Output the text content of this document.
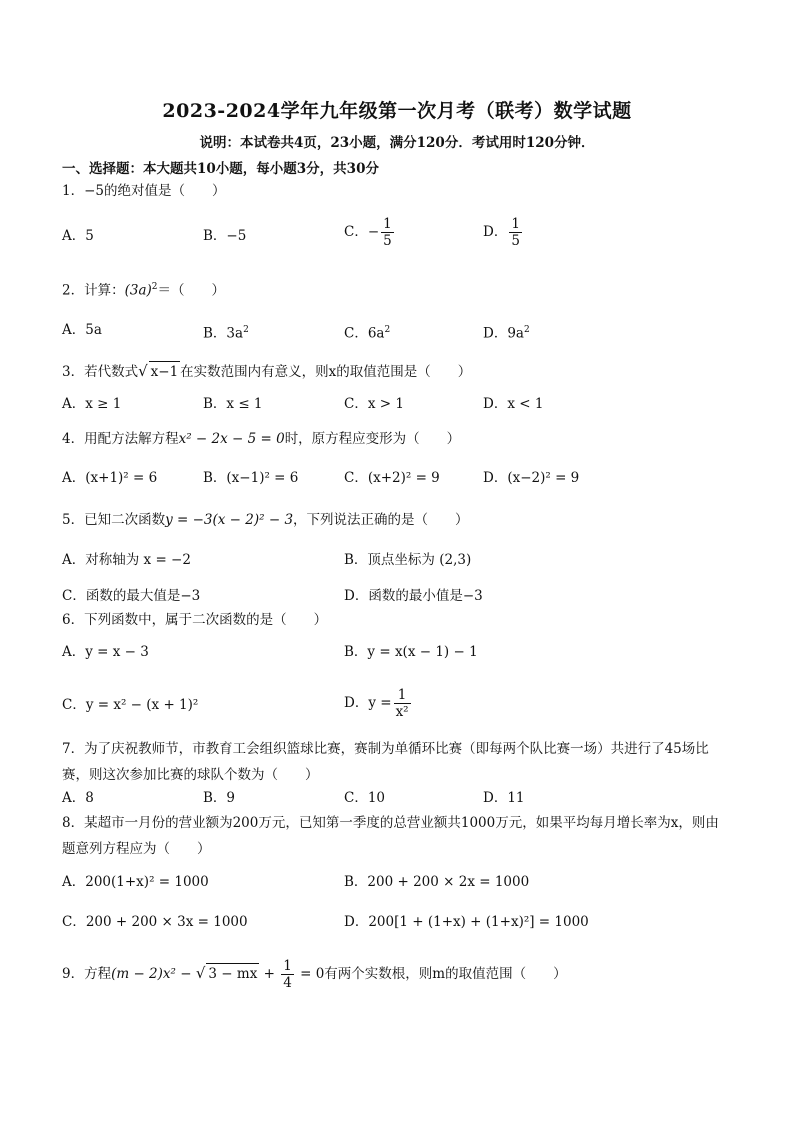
2023-2024学年九年级第一次月考（联考）数学试题
说明：本试卷共4页，23小题，满分120分．考试用时120分钟．
一、选择题：本大题共10小题，每小题3分，共30分
1．−5的绝对值是（　　）
A．5	B．−5	C．− $\frac{1}{5}$	D． $\frac{1}{5}$
2．计算：$(3a)^2=$（　　）
A．5a	B．$3a^2$	C．$6a^2$	D．$9a^2$
3．若代数式√ x−1 在实数范围内有意义，则x的取值范围是（　　）
A．x ≥ 1	B．x ≤ 1	C．x > 1	D．x < 1
4．用配方法解方程x² − 2x − 5 = 0时，原方程应变形为（　　）
A．(x+1)² = 6	B．(x−1)² = 6	C．(x+2)² = 9	D．(x−2)² = 9
5．已知二次函数y = −3(x − 2)² − 3，下列说法正确的是（　　）
A．对称轴为 x = −2	B．顶点坐标为 (2,3)
C．函数的最大值是−3	D．函数的最小值是−3
6．下列函数中，属于二次函数的是（　　）
A．y = x − 3	B．y = x(x − 1) − 1
C．y = x² − (x + 1)²	D．$y = \frac{1}{\text{x²}}$
7．为了庆祝教师节，市教育工会组织篮球比赛，赛制为单循环比赛（即每两个队比赛一场）共进行了45场比赛，则这次参加比赛的球队个数为（　　）
A．8	B．9	C．10	D．11
8．某超市一月份的营业额为200万元，已知第一季度的总营业额共1000万元，如果平均每月增长率为x，则由题意列方程应为（　　）
A．200(1+x)² = 1000	B．200 + 200 × 2x = 1000
C．200 + 200 × 3x = 1000	D．200[1 + (1+x) + (1+x)²] = 1000
9．方程(m − 2)x² − √ 3 − mx + $\frac{1}{4} = 0$有两个实数根，则m的取值范围（　　）
